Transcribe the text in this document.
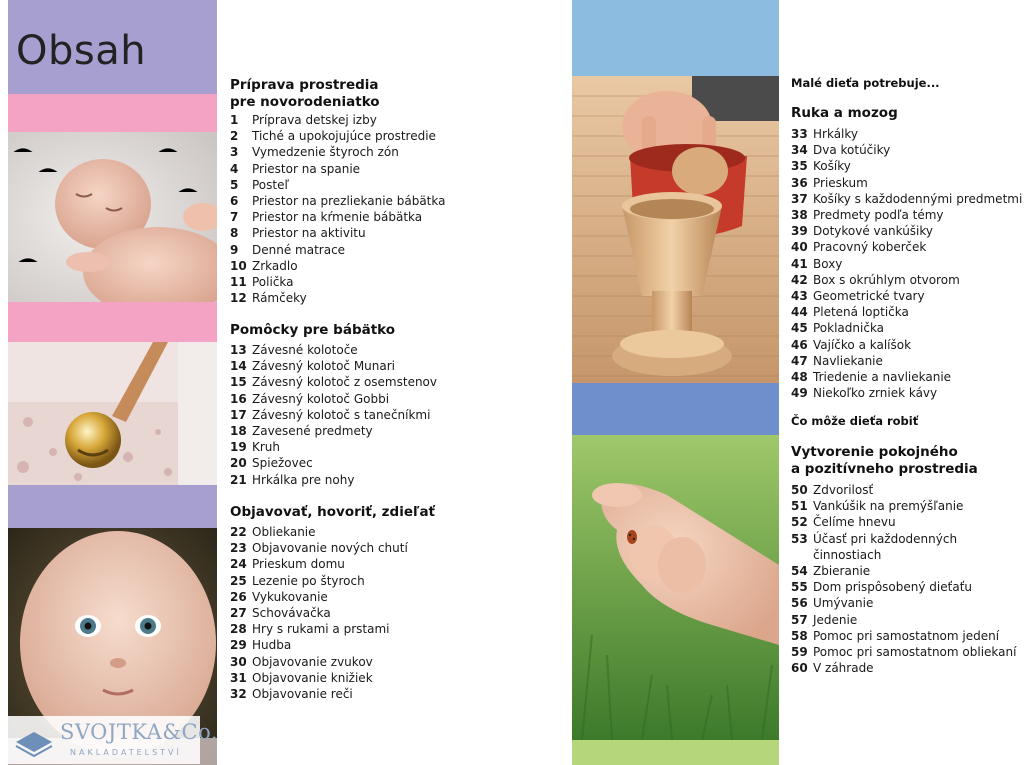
Obsah
SVOJTKA&Co.
NAKLADATELSTVÍ
Príprava prostredia
pre novorodeniatko
1 Príprava detskej izby
2 Tiché a upokojujúce prostredie
3 Vymedzenie štyroch zón
4 Priestor na spanie
5 Posteľ
6 Priestor na prezliekanie bábätka
7 Priestor na kŕmenie bábätka
8 Priestor na aktivitu
9 Denné matrace
10 Zrkadlo
11 Polička
12 Rámčeky
Pomôcky pre bábätko
13 Závesné kolotoče
14 Závesný kolotoč Munari
15 Závesný kolotoč z osemstenov
16 Závesný kolotoč Gobbi
17 Závesný kolotoč s tanečníkmi
18 Zavesené predmety
19 Kruh
20 Spiežovec
21 Hrkálka pre nohy
Objavovať, hovoriť, zdieľať
22 Obliekanie
23 Objavovanie nových chutí
24 Prieskum domu
25 Lezenie po štyroch
26 Vykukovanie
27 Schovávačka
28 Hry s rukami a prstami
29 Hudba
30 Objavovanie zvukov
31 Objavovanie knižiek
32 Objavovanie reči
Malé dieťa potrebuje...
Ruka a mozog
33 Hrkálky
34 Dva kotúčiky
35 Košíky
36 Prieskum
37 Košíky s každodennými predmetmi
38 Predmety podľa témy
39 Dotykové vankúšiky
40 Pracovný koberček
41 Boxy
42 Box s okrúhlym otvorom
43 Geometrické tvary
44 Pletená loptička
45 Pokladnička
46 Vajíčko a kalíšok
47 Navliekanie
48 Triedenie a navliekanie
49 Niekoľko zrniek kávy
Čo môže dieťa robiť
Vytvorenie pokojného
a pozitívneho prostredia
50 Zdvorilosť
51 Vankúšik na premýšľanie
52 Čelíme hnevu
53 Účasť pri každodenných
činnostiach
54 Zbieranie
55 Dom prispôsobený dieťaťu
56 Umývanie
57 Jedenie
58 Pomoc pri samostatnom jedení
59 Pomoc pri samostatnom obliekaní
60 V záhrade
